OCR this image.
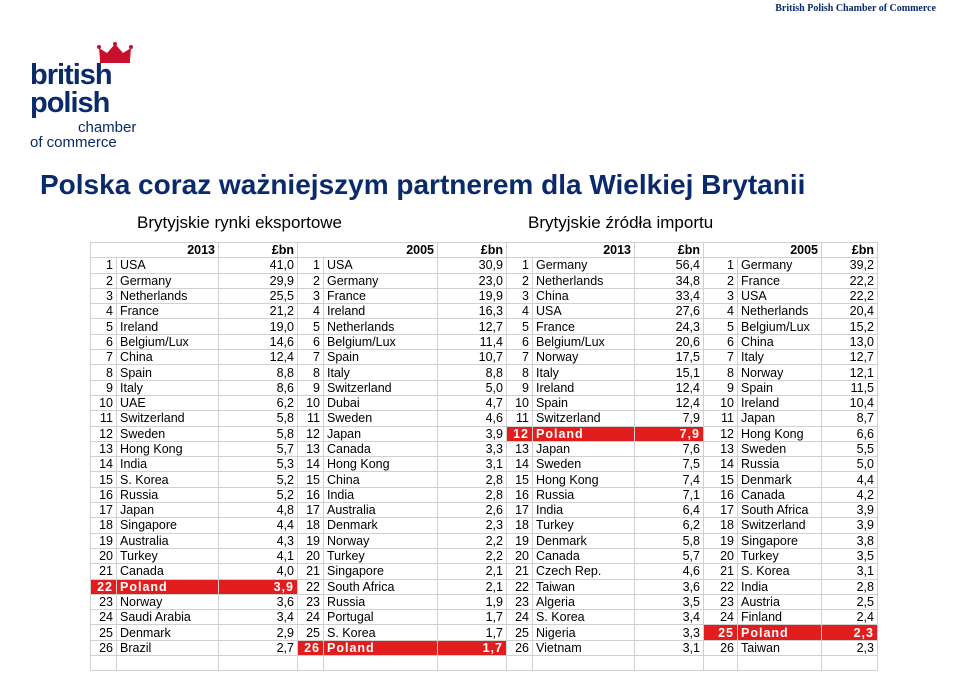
British Polish Chamber of Commerce
british
polish
chamber
of commerce
Polska coraz ważniejszym partnerem dla Wielkiej Brytanii
Brytyjskie rynki eksportowe	Brytyjskie źródła importu
2013		£bn	2005		£bn	2013		£bn	2005		£bn
1	USA	41,0	1	USA	30,9	1	Germany	56,4	1	Germany	39,2
2	Germany	29,9	2	Germany	23,0	2	Netherlands	34,8	2	France	22,2
3	Netherlands	25,5	3	France	19,9	3	China	33,4	3	USA	22,2
4	France	21,2	4	Ireland	16,3	4	USA	27,6	4	Netherlands	20,4
5	Ireland	19,0	5	Netherlands	12,7	5	France	24,3	5	Belgium/Lux	15,2
6	Belgium/Lux	14,6	6	Belgium/Lux	11,4	6	Belgium/Lux	20,6	6	China	13,0
7	China	12,4	7	Spain	10,7	7	Norway	17,5	7	Italy	12,7
8	Spain	8,8	8	Italy	8,8	8	Italy	15,1	8	Norway	12,1
9	Italy	8,6	9	Switzerland	5,0	9	Ireland	12,4	9	Spain	11,5
10	UAE	6,2	10	Dubai	4,7	10	Spain	12,4	10	Ireland	10,4
11	Switzerland	5,8	11	Sweden	4,6	11	Switzerland	7,9	11	Japan	8,7
12	Sweden	5,8	12	Japan	3,9	12	Poland	7,9	12	Hong Kong	6,6
13	Hong Kong	5,7	13	Canada	3,3	13	Japan	7,6	13	Sweden	5,5
14	India	5,3	14	Hong Kong	3,1	14	Sweden	7,5	14	Russia	5,0
15	S. Korea	5,2	15	China	2,8	15	Hong Kong	7,4	15	Denmark	4,4
16	Russia	5,2	16	India	2,8	16	Russia	7,1	16	Canada	4,2
17	Japan	4,8	17	Australia	2,6	17	India	6,4	17	South Africa	3,9
18	Singapore	4,4	18	Denmark	2,3	18	Turkey	6,2	18	Switzerland	3,9
19	Australia	4,3	19	Norway	2,2	19	Denmark	5,8	19	Singapore	3,8
20	Turkey	4,1	20	Turkey	2,2	20	Canada	5,7	20	Turkey	3,5
21	Canada	4,0	21	Singapore	2,1	21	Czech Rep.	4,6	21	S. Korea	3,1
22	Poland	3,9	22	South Africa	2,1	22	Taiwan	3,6	22	India	2,8
23	Norway	3,6	23	Russia	1,9	23	Algeria	3,5	23	Austria	2,5
24	Saudi Arabia	3,4	24	Portugal	1,7	24	S. Korea	3,4	24	Finland	2,4
25	Denmark	2,9	25	S. Korea	1,7	25	Nigeria	3,3	25	Poland	2,3
26	Brazil	2,7	26	Poland	1,7	26	Vietnam	3,1	26	Taiwan	2,3
